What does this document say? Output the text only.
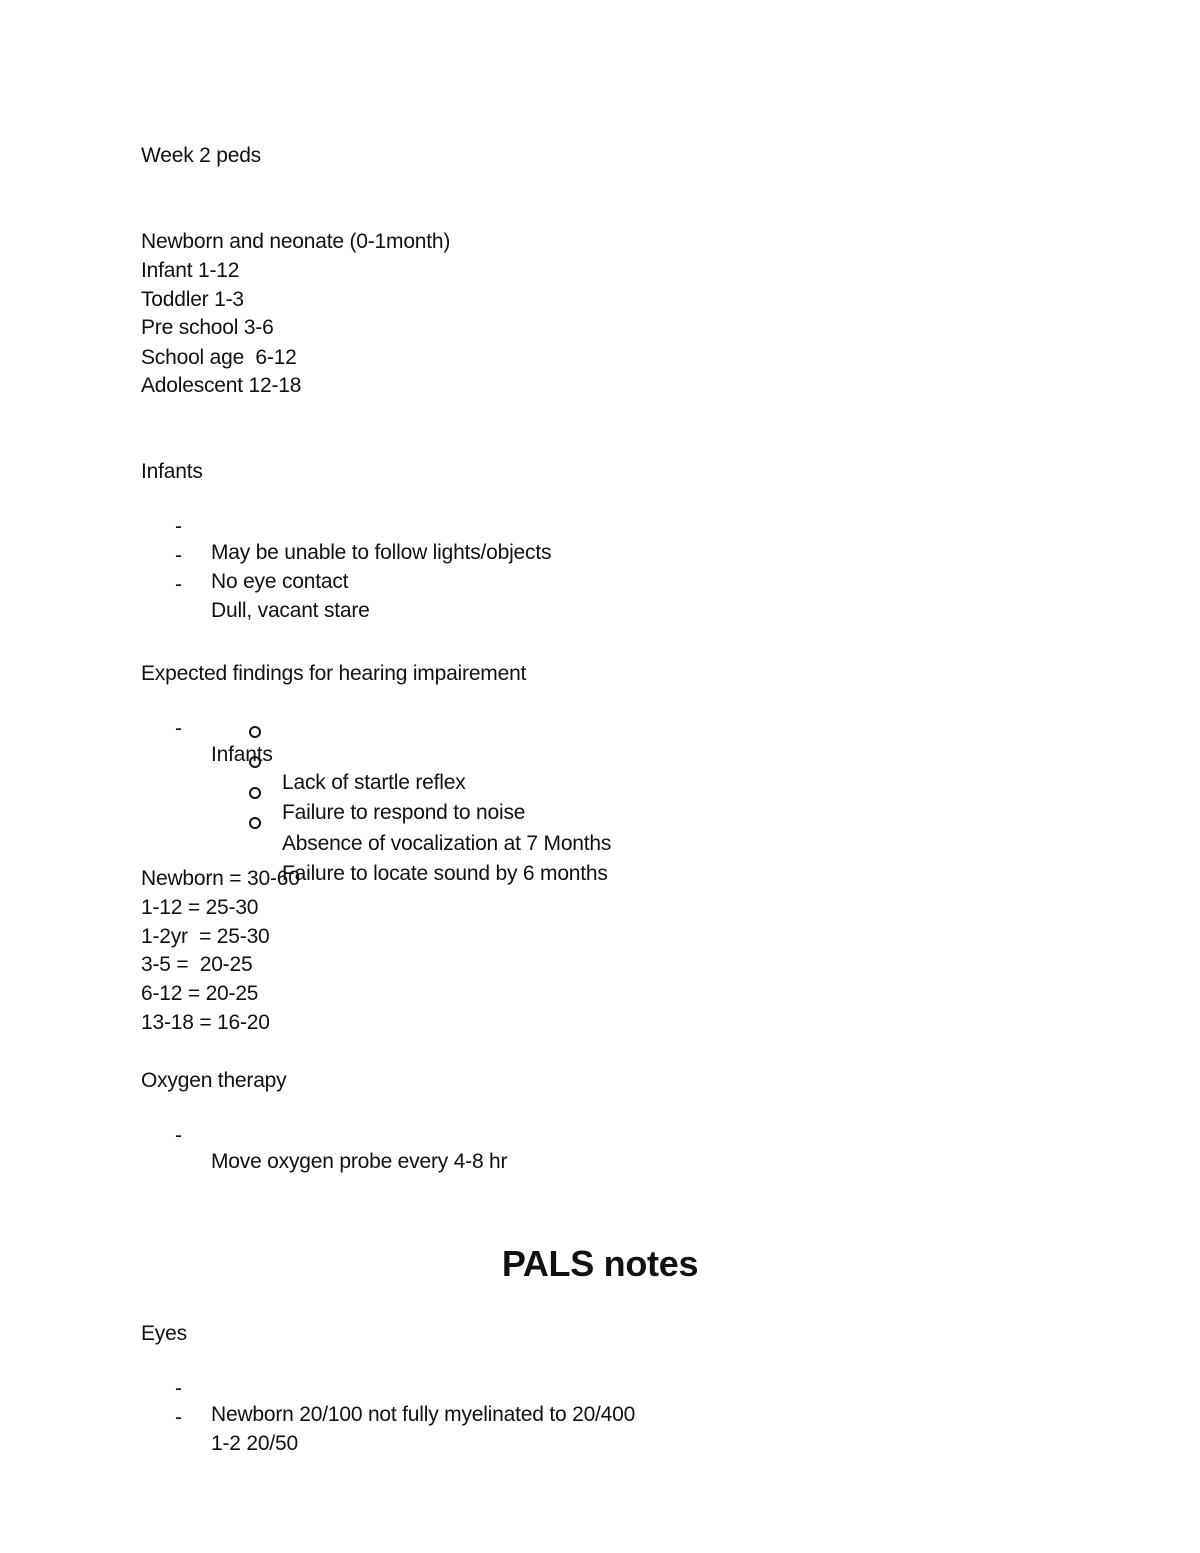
Week 2 peds
Newborn and neonate (0-1month)
Infant 1-12
Toddler 1-3
Pre school 3-6
School age  6-12
Adolescent 12-18
Infants

-

May be unable to follow lights/objects

-

No eye contact

-

Dull, vacant stare

Expected findings for hearing impairement

-

Infants

Lack of startle reflex

Failure to respond to noise

Absence of vocalization at 7 Months

Failure to locate sound by 6 months

Newborn = 30-60
1-12 = 25-30
1-2yr  = 25-30
3-5 =  20-25
6-12 = 20-25
13-18 = 16-20
Oxygen therapy

-

Move oxygen probe every 4-8 hr

PALS notes
Eyes

-

Newborn 20/100 not fully myelinated to 20/400

-

1-2 20/50
